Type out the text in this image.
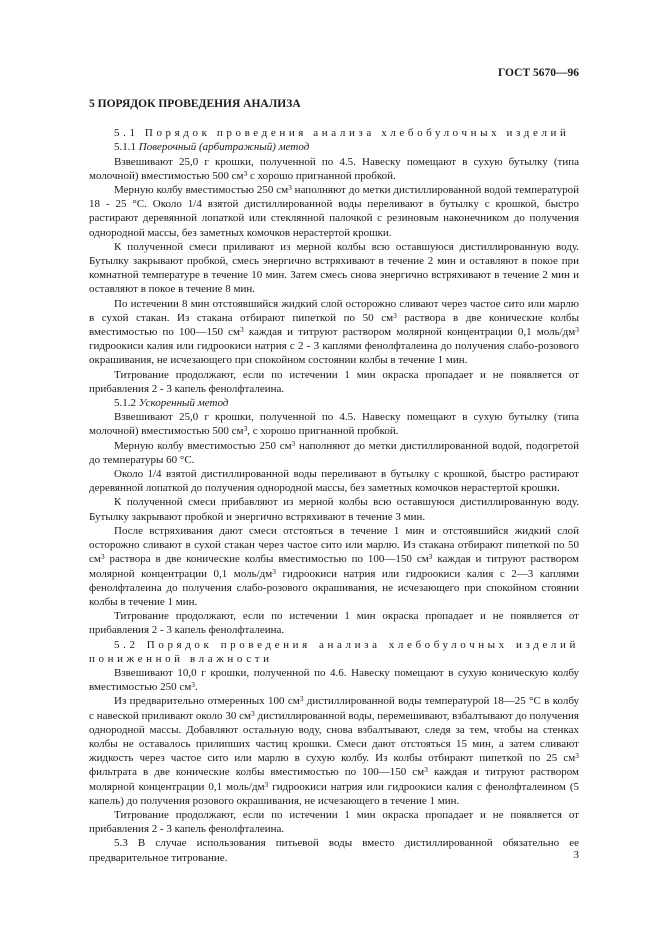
ГОСТ 5670—96
5 ПОРЯДОК ПРОВЕДЕНИЯ АНАЛИЗА

5.1 Порядок проведения анализа хлебобулочных изделий

5.1.1 Поверочный (арбитражный) метод

Взвешивают 25,0 г крошки, полученной по 4.5. Навеску помещают в сухую бутылку (типа молочной) вместимостью 500 $см^3$ с хорошо пригнанной пробкой.

Мерную колбу вместимостью 250 $см^3$ наполняют до метки дистиллированной водой температурой 18 - 25 °С. Около 1/4 взятой дистиллированной воды переливают в бутылку с крошкой, быстро растирают деревянной лопаткой или стеклянной палочкой с резиновым наконечником до получения однородной массы, без заметных комочков нерастертой крошки.

К полученной смеси приливают из мерной колбы всю оставшуюся дистиллированную воду. Бутылку закрывают пробкой, смесь энергично встряхивают в течение 2 мин и оставляют в покое при комнатной температуре в течение 10 мин. Затем смесь снова энергично встряхивают в течение 2 мин и оставляют в покое в течение 8 мин.

По истечении 8 мин отстоявшийся жидкий слой осторожно сливают через частое сито или марлю в сухой стакан. Из стакана отбирают пипеткой по 50 $см^3$ раствора в две конические колбы вместимостью по 100—150 $см^3$ каждая и титруют раствором молярной концентрации 0,1 моль/$дм^3$ гидроокиси калия или гидроокиси натрия с 2 - 3 каплями фенолфталеина до получения слабо-розового окрашивания, не исчезающего при спокойном состоянии колбы в течение 1 мин.

Титрование продолжают, если по истечении 1 мин окраска пропадает и не появляется от прибавления 2 - 3 капель фенолфталеина.

5.1.2 Ускоренный метод

Взвешивают 25,0 г крошки, полученной по 4.5. Навеску помещают в сухую бутылку (типа молочной) вместимостью 500 $см^3$, с хорошо пригнанной пробкой.

Мерную колбу вместимостью 250 $см^3$ наполняют до метки дистиллированной водой, подогретой до температуры 60 °С.

Около 1/4 взятой дистиллированной воды переливают в бутылку с крошкой, быстро растирают деревянной лопаткой до получения однородной массы, без заметных комочков нерастертой крошки.

К полученной смеси прибавляют из мерной колбы всю оставшуюся дистиллированную воду. Бутылку закрывают пробкой и энергично встряхивают в течение 3 мин.

После встряхивания дают смеси отстояться в течение 1 мин и отстоявшийся жидкий слой осторожно сливают в сухой стакан через частое сито или марлю. Из стакана отбирают пипеткой по 50 $см^3$ раствора в две конические колбы вместимостью по 100—150 $см^3$ каждая и титруют раствором молярной концентрации 0,1 моль/$дм^3$ гидроокиси натрия или гидроокиси калия с 2—3 каплями фенолфталеина до получения слабо-розового окрашивания, не исчезающего при спокойном стоянии колбы в течение 1 мин.

Титрование продолжают, если по истечении 1 мин окраска пропадает и не появляется от прибавления 2 - 3 капель фенолфталеина.

5.2 Порядок проведения анализа хлебобулочных изделий пониженной влажности

Взвешивают 10,0 г крошки, полученной по 4.6. Навеску помещают в сухую коническую колбу вместимостью 250 $см^3$.

Из предварительно отмеренных 100 $см^3$ дистиллированной воды температурой 18—25 °С в колбу с навеской приливают около 30 $см^3$ дистиллированной воды, перемешивают, взбалтывают до получения однородной массы. Добавляют остальную воду, снова взбалтывают, следя за тем, чтобы на стенках колбы не оставалось прилипших частиц крошки. Смеси дают отстояться 15 мин, а затем сливают жидкость через частое сито или марлю в сухую колбу. Из колбы отбирают пипеткой по 25 $см^3$ фильтрата в две конические колбы вместимостью по 100—150 $см^3$ каждая и титруют раствором молярной концентрации 0,1 моль/$дм^3$ гидроокиси натрия или гидроокиси калия с фенолфталеином (5 капель) до получения розового окрашивания, не исчезающего в течение 1 мин.

Титрование продолжают, если по истечении 1 мин окраска пропадает и не появляется от прибавления 2 - 3 капель фенолфталеина.

5.3 В случае использования питьевой воды вместо дистиллированной обязательно ее предварительное титрование.	3
